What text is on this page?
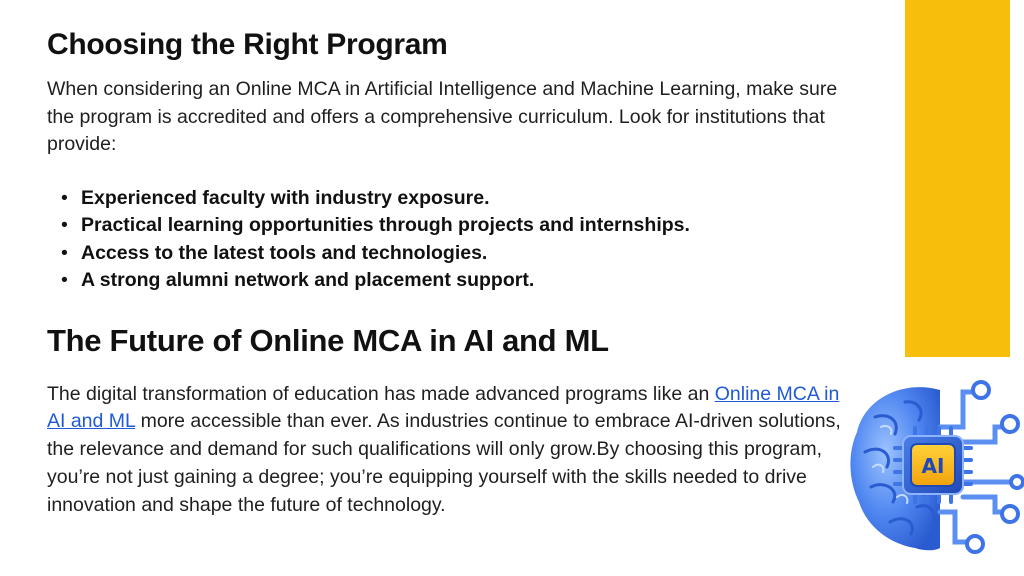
Choosing the Right Program

When considering an Online MCA in Artificial Intelligence and Machine Learning, make sure the program is accredited and offers a comprehensive curriculum. Look for institutions that provide:

• Experienced faculty with industry exposure.
• Practical learning opportunities through projects and internships.
• Access to the latest tools and technologies.
• A strong alumni network and placement support.
The Future of Online MCA in AI and ML

The digital transformation of education has made advanced programs like an Online MCA in AI and ML more accessible than ever. As industries continue to embrace AI-driven solutions, the relevance and demand for such qualifications will only grow.By choosing this program, you’re not just gaining a degree; you’re equipping yourself with the skills needed to drive innovation and shape the future of technology.

AI
